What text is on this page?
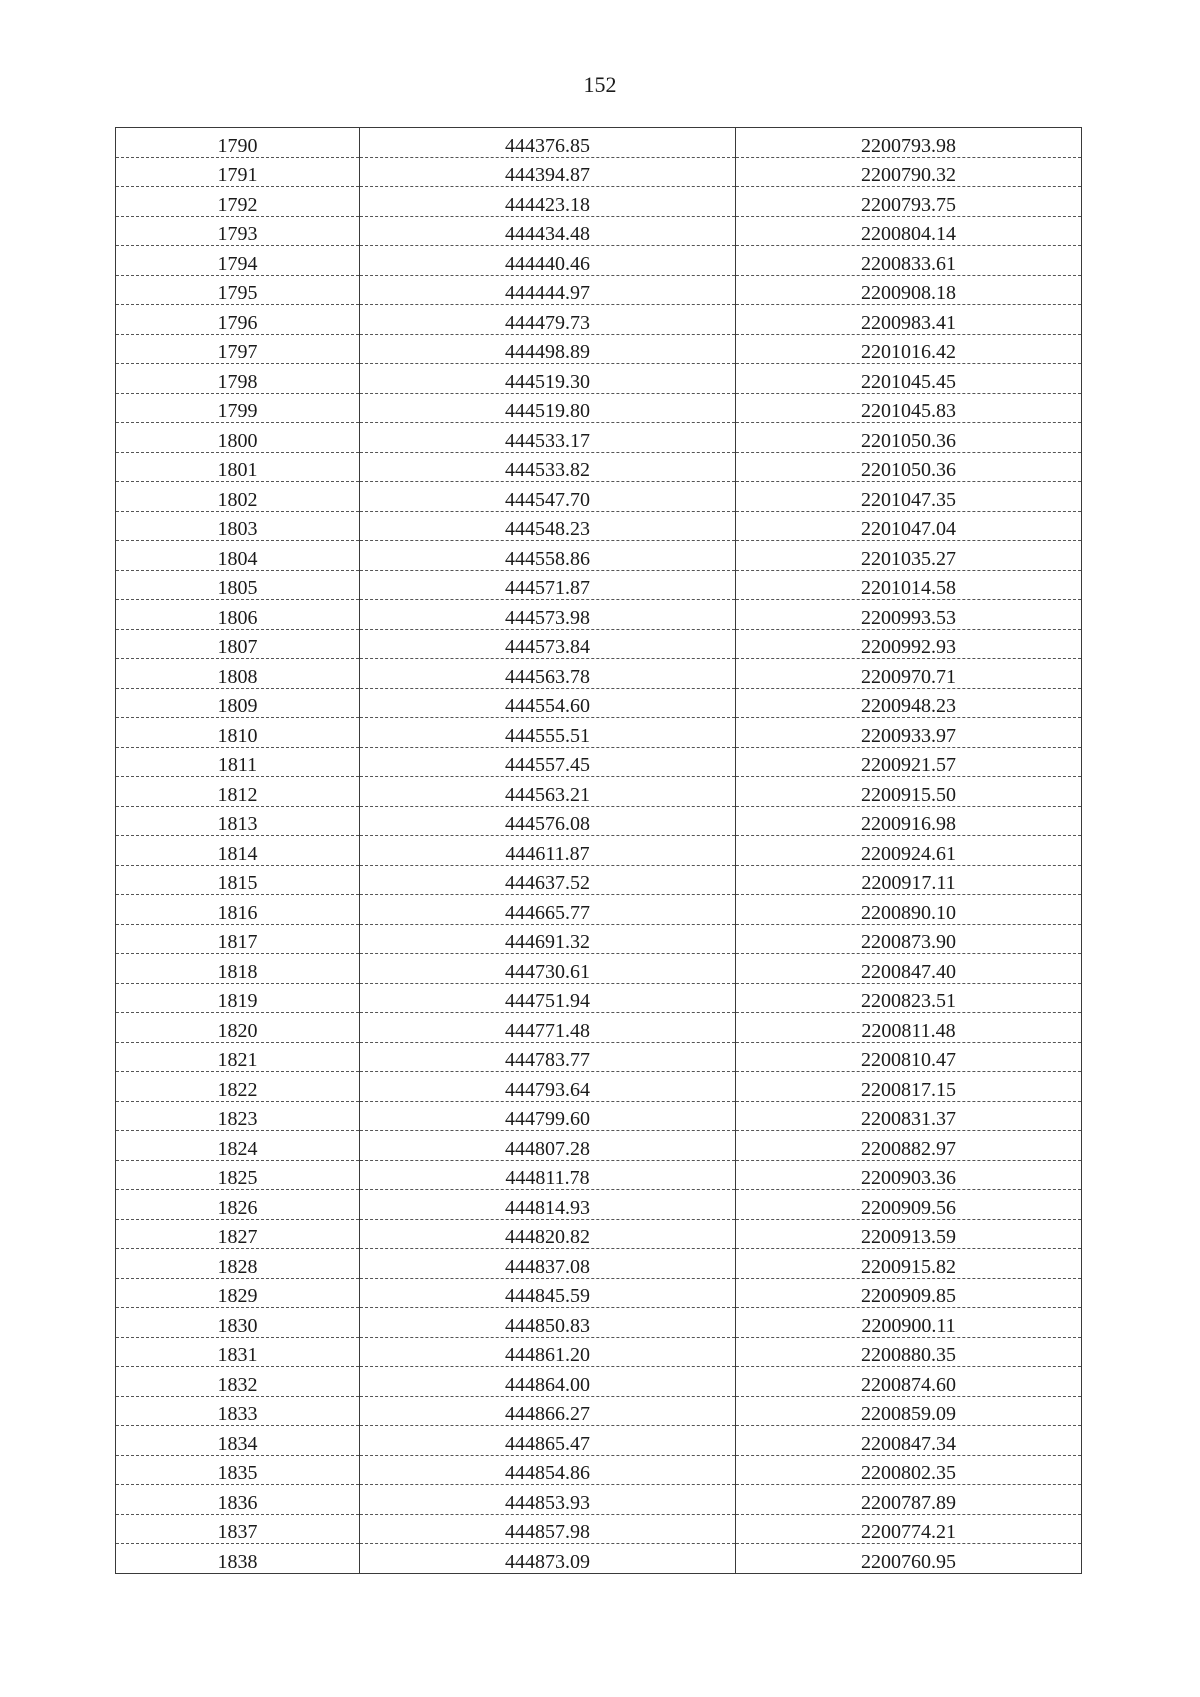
152
1790	444376.85	2200793.98
1791	444394.87	2200790.32
1792	444423.18	2200793.75
1793	444434.48	2200804.14
1794	444440.46	2200833.61
1795	444444.97	2200908.18
1796	444479.73	2200983.41
1797	444498.89	2201016.42
1798	444519.30	2201045.45
1799	444519.80	2201045.83
1800	444533.17	2201050.36
1801	444533.82	2201050.36
1802	444547.70	2201047.35
1803	444548.23	2201047.04
1804	444558.86	2201035.27
1805	444571.87	2201014.58
1806	444573.98	2200993.53
1807	444573.84	2200992.93
1808	444563.78	2200970.71
1809	444554.60	2200948.23
1810	444555.51	2200933.97
1811	444557.45	2200921.57
1812	444563.21	2200915.50
1813	444576.08	2200916.98
1814	444611.87	2200924.61
1815	444637.52	2200917.11
1816	444665.77	2200890.10
1817	444691.32	2200873.90
1818	444730.61	2200847.40
1819	444751.94	2200823.51
1820	444771.48	2200811.48
1821	444783.77	2200810.47
1822	444793.64	2200817.15
1823	444799.60	2200831.37
1824	444807.28	2200882.97
1825	444811.78	2200903.36
1826	444814.93	2200909.56
1827	444820.82	2200913.59
1828	444837.08	2200915.82
1829	444845.59	2200909.85
1830	444850.83	2200900.11
1831	444861.20	2200880.35
1832	444864.00	2200874.60
1833	444866.27	2200859.09
1834	444865.47	2200847.34
1835	444854.86	2200802.35
1836	444853.93	2200787.89
1837	444857.98	2200774.21
1838	444873.09	2200760.95
